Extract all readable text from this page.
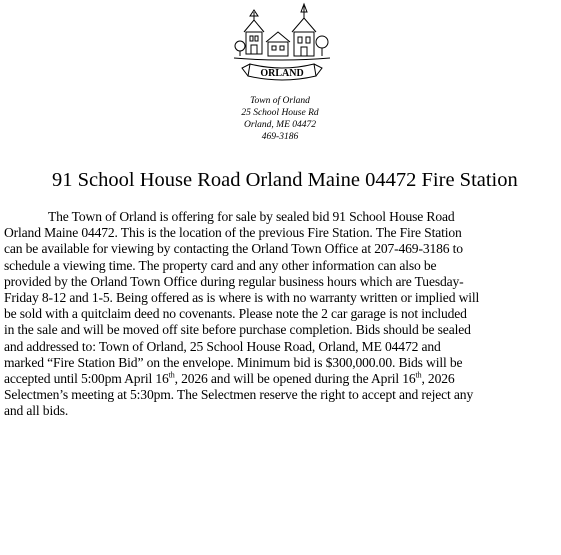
ORLAND
Town of Orland
25 School House Rd
Orland, ME 04472
469-3186
91 School House Road Orland Maine 04472 Fire Station
The Town of Orland is offering for sale by sealed bid 91 School House Road
Orland Maine 04472. This is the location of the previous Fire Station. The Fire Station
can be available for viewing by contacting the Orland Town Office at 207-469-3186 to
schedule a viewing time. The property card and any other information can also be
provided by the Orland Town Office during regular business hours which are Tuesday-
Friday 8-12 and 1-5. Being offered as is where is with no warranty written or implied will
be sold with a quitclaim deed no covenants. Please note the 2 car garage is not included
in the sale and will be moved off site before purchase completion. Bids should be sealed
and addressed to: Town of Orland, 25 School House Road, Orland, ME 04472 and
marked “Fire Station Bid” on the envelope. Minimum bid is $300,000.00. Bids will be
accepted until 5:00pm April 16th, 2026 and will be opened during the April 16th, 2026
Selectmen’s meeting at 5:30pm. The Selectmen reserve the right to accept and reject any
and all bids.
